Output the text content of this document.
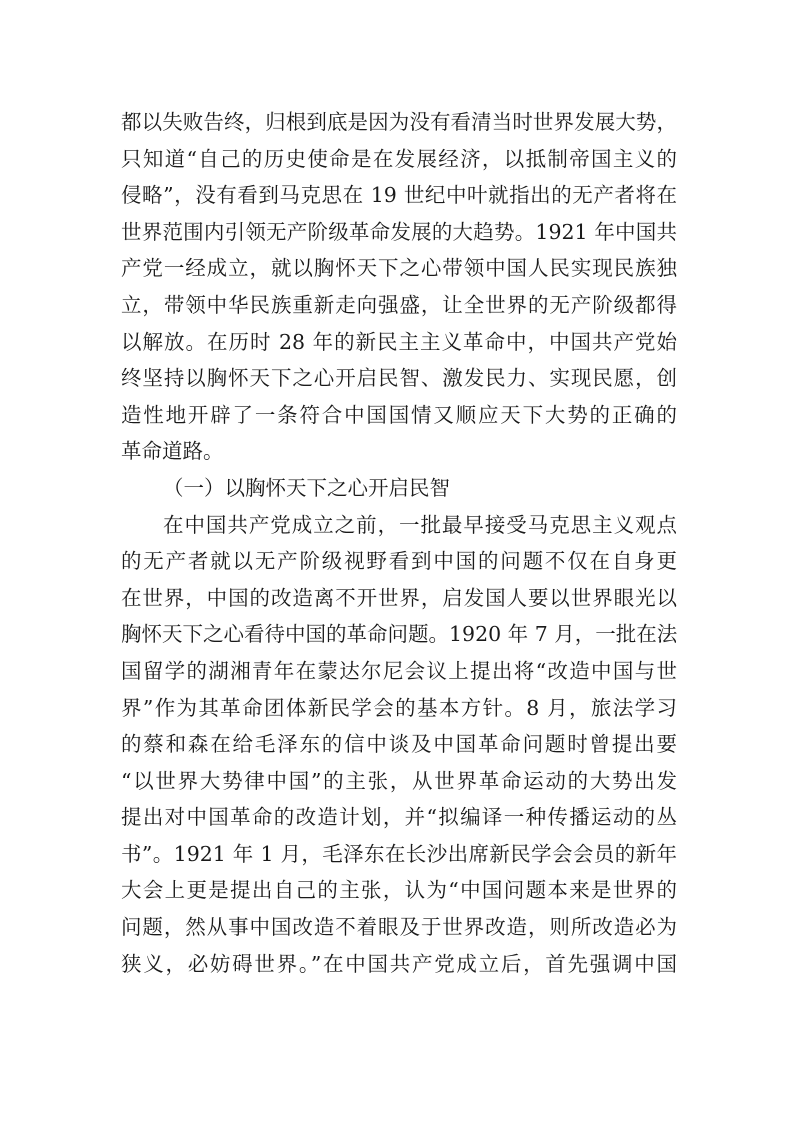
都以失败告终，归根到底是因为没有看清当时世界发展大势，
只知道“自己的历史使命是在发展经济，以抵制帝国主义的
侵略”，没有看到马克思在 19 世纪中叶就指出的无产者将在
世界范围内引领无产阶级革命发展的大趋势。1921 年中国共
产党一经成立，就以胸怀天下之心带领中国人民实现民族独
立，带领中华民族重新走向强盛，让全世界的无产阶级都得
以解放。在历时 28 年的新民主主义革命中，中国共产党始
终坚持以胸怀天下之心开启民智、激发民力、实现民愿，创
造性地开辟了一条符合中国国情又顺应天下大势的正确的
革命道路。
（一）以胸怀天下之心开启民智
在中国共产党成立之前，一批最早接受马克思主义观点
的无产者就以无产阶级视野看到中国的问题不仅在自身更
在世界，中国的改造离不开世界，启发国人要以世界眼光以
胸怀天下之心看待中国的革命问题。1920 年 7 月，一批在法
国留学的湖湘青年在蒙达尔尼会议上提出将“改造中国与世
界”作为其革命团体新民学会的基本方针。8 月，旅法学习
的蔡和森在给毛泽东的信中谈及中国革命问题时曾提出要
“以世界大势律中国”的主张，从世界革命运动的大势出发
提出对中国革命的改造计划，并“拟编译一种传播运动的丛
书”。1921 年 1 月，毛泽东在长沙出席新民学会会员的新年
大会上更是提出自己的主张，认为“中国问题本来是世界的
问题，然从事中国改造不着眼及于世界改造，则所改造必为
狭义，必妨碍世界。”在中国共产党成立后，首先强调中国
